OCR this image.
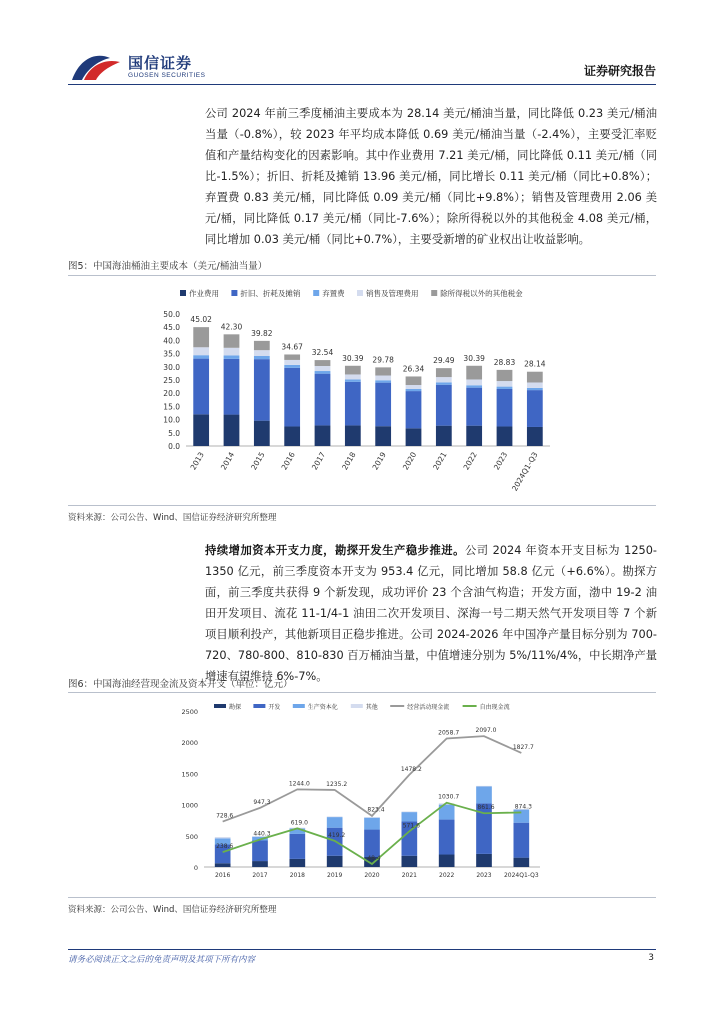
国信证券
GUOSEN SECURITIES	证券研究报告

公司 2024 年前三季度桶油主要成本为 28.14 美元/桶油当量，同比降低 0.23 美元/桶油当量（-0.8%），较 2023 年平均成本降低 0.69 美元/桶油当量（-2.4%），主要受汇率贬值和产量结构变化的因素影响。其中作业费用 7.21 美元/桶，同比降低 0.11 美元/桶（同比-1.5%）；折旧、折耗及摊销 13.96 美元/桶，同比增长 0.11 美元/桶（同比+0.8%）；弃置费 0.83 美元/桶，同比降低 0.09 美元/桶（同比+9.8%）；销售及管理费用 2.06 美元/桶，同比降低 0.17 美元/桶（同比-7.6%）；除所得税以外的其他税金 4.08 美元/桶，同比增加 0.03 美元/桶（同比+0.7%），主要受新增的矿业权出让收益影响。

图5：中国海油桶油主要成本（美元/桶油当量）
作业费用	折旧、折耗及摊销	弃置费	销售及管理费用	除所得税以外的其他税金
0.0
5.0
10.0
15.0
20.0
25.0
30.0
35.0
40.0
45.0
50.0
45.02
2013
42.30
2014
39.82
2015
34.67
2016
32.54
2017
30.39
2018
29.78
2019
26.34
2020
29.49
2021
30.39
2022
28.83
2023
28.14
2024Q1-Q3
资料来源：公司公告、Wind、国信证券经济研究所整理

持续增加资本开支力度，勘探开发生产稳步推进。公司 2024 年资本开支目标为 1250-1350 亿元，前三季度资本开支为 953.4 亿元，同比增加 58.8 亿元（+6.6%）。勘探方面，前三季度共获得 9 个新发现，成功评价 23 个含油气构造；开发方面，渤中 19-2 油田开发项目、流花 11-1/4-1 油田二次开发项目、深海一号二期天然气开发项目等 7 个新项目顺利投产，其他新项目正稳步推进。公司 2024-2026 年中国净产量目标分别为 700-720、780-800、810-830 百万桶油当量，中值增速分别为 5%/11%/4%，中长期净产量增速有望维持 6%-7%。

图6：中国海油经营现金流及资本开支（单位：亿元）
勘探	开发	生产资本化	其他	经营活动现金流	自由现金流
0
500
1000
1500
2000
2500
2016	2017	2018	2019	2020	2021	2022	2023 2024Q1-Q3
728.6
947.3
1244.0	1235.2
1478.2
2058.7	2097.0
1827.7
238.6
440.3
619.0
419.2
48.4
571.6
1030.7
861.6	874.3
823.4
资料来源：公司公告、Wind、国信证券经济研究所整理
请务必阅读正文之后的免责声明及其项下所有内容	3
